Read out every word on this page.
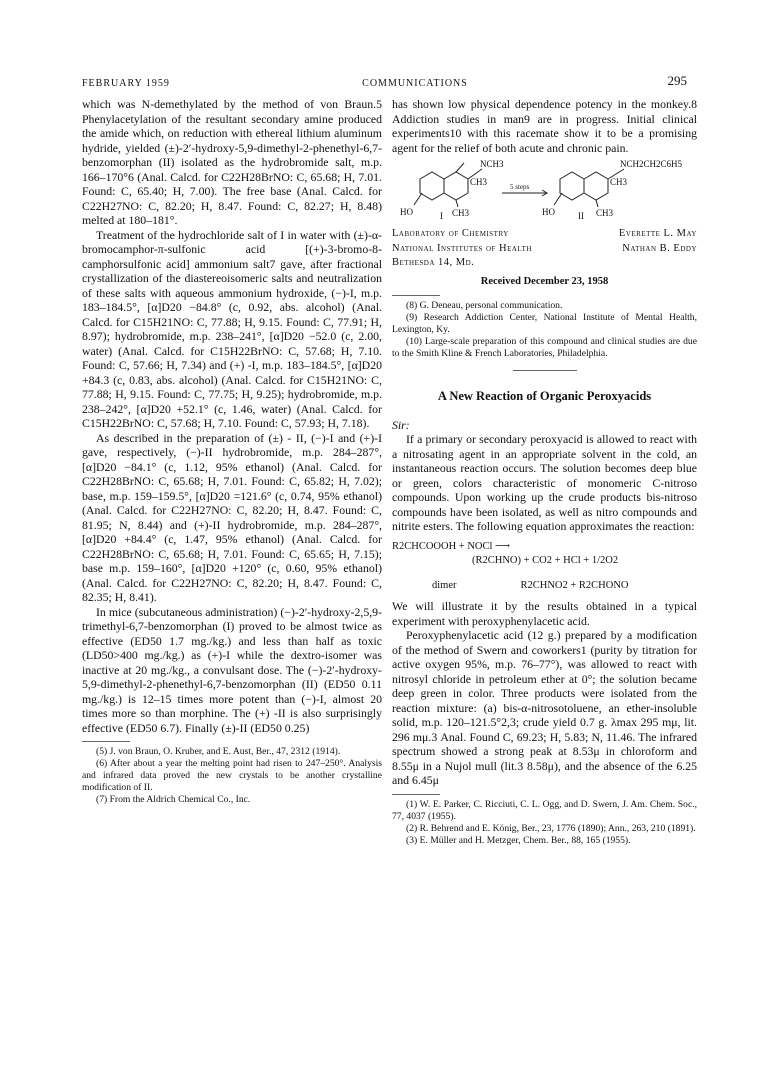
FEBRUARY 1959	COMMUNICATIONS	295

which was N-demethylated by the method of von Braun.5 Phenylacetylation of the resultant secondary amine produced the amide which, on reduction with ethereal lithium aluminum hydride, yielded (±)-2′-hydroxy-5,9-dimethyl-2-phenethyl-6,7-benzomorphan (II) isolated as the hydrobromide salt, m.p. 166–170°6 (Anal. Calcd. for C22H28BrNO: C, 65.68; H, 7.01. Found: C, 65.40; H, 7.00). The free base (Anal. Calcd. for C22H27NO: C, 82.20; H, 8.47. Found: C, 82.27; H, 8.48) melted at 180–181°.

Treatment of the hydrochloride salt of I in water with (±)-α-bromocamphor-π-sulfonic acid [(+)-3-bromo-8-camphorsulfonic acid] ammonium salt7 gave, after fractional crystallization of the diastereoisomeric salts and neutralization of these salts with aqueous ammonium hydroxide, (−)-I, m.p. 183–184.5°, [α]D20 −84.8° (c, 0.92, abs. alcohol) (Anal. Calcd. for C15H21NO: C, 77.88; H, 9.15. Found: C, 77.91; H, 8.97); hydrobromide, m.p. 238–241°, [α]D20 −52.0 (c, 2.00, water) (Anal. Calcd. for C15H22BrNO: C, 57.68; H, 7.10. Found: C, 57.66; H, 7.34) and (+) -I, m.p. 183–184.5°, [α]D20 +84.3 (c, 0.83, abs. alcohol) (Anal. Calcd. for C15H21NO: C, 77.88; H, 9.15. Found: C, 77.75; H, 9.25); hydrobromide, m.p. 238–242°, [α]D20 +52.1° (c, 1.46, water) (Anal. Calcd. for C15H22BrNO: C, 57.68; H, 7.10. Found: C, 57.93; H, 7.18).

As described in the preparation of (±) - II, (−)-I and (+)-I gave, respectively, (−)-II hydrobromide, m.p. 284–287°, [α]D20 −84.1° (c, 1.12, 95% ethanol) (Anal. Calcd. for C22H28BrNO: C, 65.68; H, 7.01. Found: C, 65.82; H, 7.02); base, m.p. 159–159.5°, [α]D20 =121.6° (c, 0.74, 95% ethanol) (Anal. Calcd. for C22H27NO: C, 82.20; H, 8.47. Found: C, 81.95; N, 8.44) and (+)-II hydrobromide, m.p. 284–287°, [α]D20 +84.4° (c, 1.47, 95% ethanol) (Anal. Calcd. for C22H28BrNO: C, 65.68; H, 7.01. Found: C, 65.65; H, 7.15); base m.p. 159–160°, [α]D20 +120° (c, 0.60, 95% ethanol) (Anal. Calcd. for C22H27NO: C, 82.20; H, 8.47. Found: C, 82.35; H, 8.41).

In mice (subcutaneous administration) (−)-2′-hydroxy-2,5,9-trimethyl-6,7-benzomorphan (I) proved to be almost twice as effective (ED50 1.7 mg./kg.) and less than half as toxic (LD50>400 mg./kg.) as (+)-I while the dextro-isomer was inactive at 20 mg./kg., a convulsant dose. The (−)-2′-hydroxy-5,9-dimethyl-2-phenethyl-6,7-benzomorphan (II) (ED50 0.11 mg./kg.) is 12–15 times more potent than (−)-I, almost 20 times more so than morphine. The (+) -II is also surprisingly effective (ED50 6.7). Finally (±)-II (ED50 0.25)

(5) J. von Braun, O. Kruber, and E. Aust, Ber., 47, 2312 (1914).

(6) After about a year the melting point had risen to 247–250°. Analysis and infrared data proved the new crystals to be another crystalline modification of II.

(7) From the Aldrich Chemical Co., Inc.

has shown low physical dependence potency in the monkey.8 Addiction studies in man9 are in progress. Initial clinical experiments10 with this racemate show it to be a promising agent for the relief of both acute and chronic pain.

NCH3
CH3
CH3
HO	I
5 steps
NCH2CH2C6H5
CH3
CH3
HO	II
Laboratory of Chemistry	Everette L. May
National Institutes of Health	Nathan B. Eddy
Bethesda 14, Md.
Received December 23, 1958

(8) G. Deneau, personal communication.

(9) Research Addiction Center, National Institute of Mental Health, Lexington, Ky.

(10) Large-scale preparation of this compound and clinical studies are due to the Smith Kline & French Laboratories, Philadelphia.

A New Reaction of Organic Peroxyacids

Sir:

If a primary or secondary peroxyacid is allowed to react with a nitrosating agent in an appropriate solvent in the cold, an instantaneous reaction occurs. The solution becomes deep blue or green, colors characteristic of monomeric C-nitroso compounds. Upon working up the crude products bis-nitroso compounds have been isolated, as well as nitro compounds and nitrite esters. The following equation approximates the reaction:

R2CHCOOOH + NOCl ⟶
(R2CHNO) + CO2 + HCl + 1/2O2
dimer	R2CHNO2 + R2CHONO

We will illustrate it by the results obtained in a typical experiment with peroxyphenylacetic acid.

Peroxyphenylacetic acid (12 g.) prepared by a modification of the method of Swern and coworkers1 (purity by titration for active oxygen 95%, m.p. 76–77°), was allowed to react with nitrosyl chloride in petroleum ether at 0°; the solution became deep green in color. Three products were isolated from the reaction mixture: (a) bis-α-nitrosotoluene, an ether-insoluble solid, m.p. 120–121.5°2,3; crude yield 0.7 g. λmax 295 mμ, lit. 296 mμ.3 Anal. Found C, 69.23; H, 5.83; N, 11.46. The infrared spectrum showed a strong peak at 8.53μ in chloroform and 8.55μ in a Nujol mull (lit.3 8.58μ), and the absence of the 6.25 and 6.45μ

(1) W. E. Parker, C. Ricciuti, C. L. Ogg, and D. Swern, J. Am. Chem. Soc., 77, 4037 (1955).

(2) R. Behrend and E. König, Ber., 23, 1776 (1890); Ann., 263, 210 (1891).

(3) E. Müller and H. Metzger, Chem. Ber., 88, 165 (1955).
